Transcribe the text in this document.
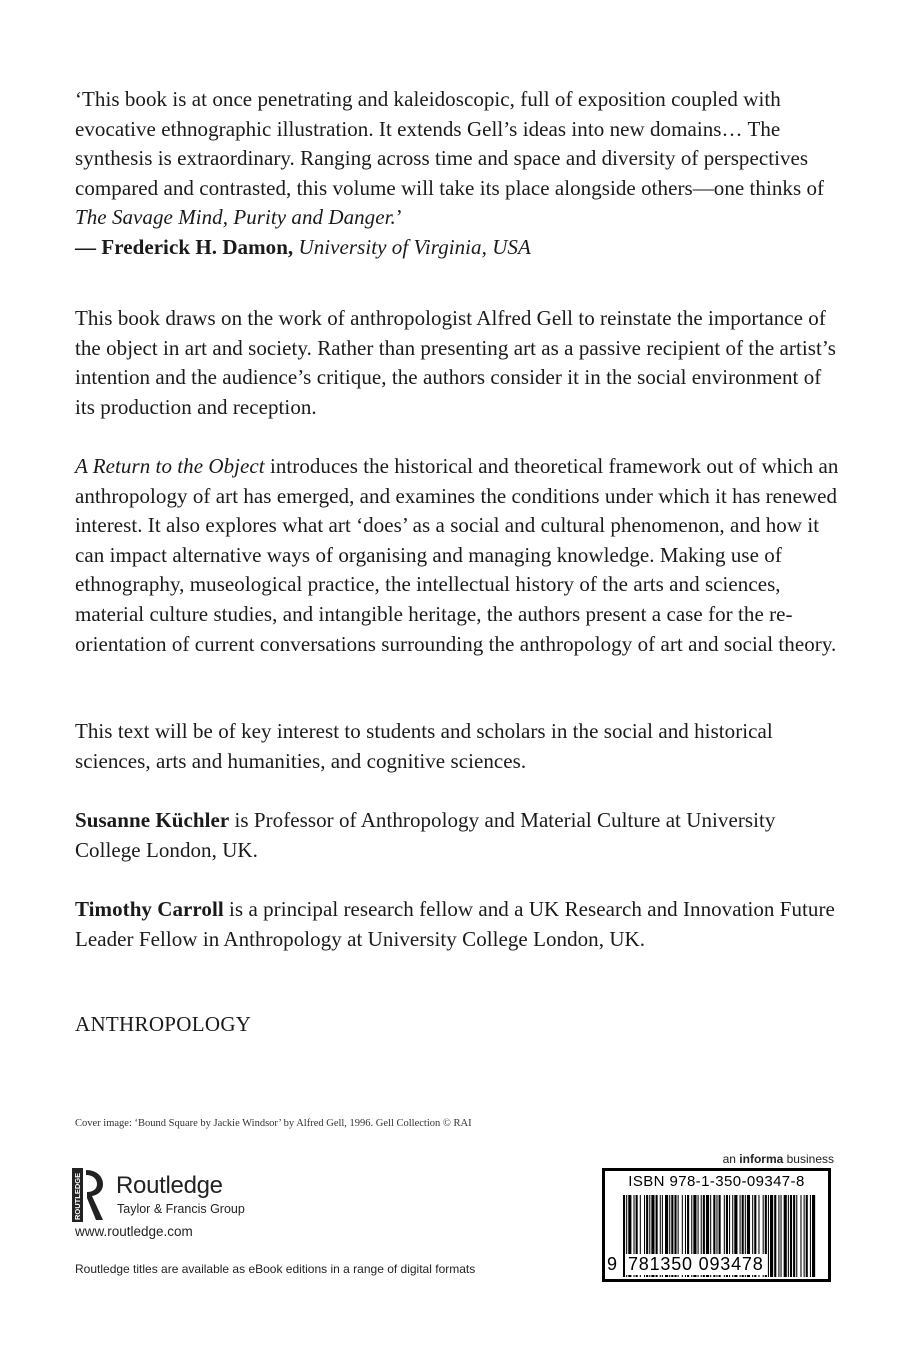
‘This book is at once penetrating and kaleidoscopic, full of exposition coupled with evocative ethnographic illustration. It extends Gell’s ideas into new domains… The synthesis is extraordinary. Ranging across time and space and diversity of perspectives compared and contrasted, this volume will take its place alongside others—one thinks of The Savage Mind, Purity and Danger.’

— Frederick H. Damon, University of Virginia, USA

This book draws on the work of anthropologist Alfred Gell to reinstate the importance of the object in art and society. Rather than presenting art as a passive recipient of the artist’s intention and the audience’s critique, the authors consider it in the social environment of its production and reception.

A Return to the Object introduces the historical and theoretical framework out of which an anthropology of art has emerged, and examines the conditions under which it has renewed interest. It also explores what art ‘does’ as a social and cultural phenomenon, and how it can impact alternative ways of organising and managing knowledge. Making use of ethnography, museological practice, the intellectual history of the arts and sciences, material culture studies, and intangible heritage, the authors present a case for the re-orientation of current conversations surrounding the anthropology of art and social theory.

This text will be of key interest to students and scholars in the social and historical sciences, arts and humanities, and cognitive sciences.

Susanne Küchler is Professor of Anthropology and Material Culture at University College London, UK.

Timothy Carroll is a principal research fellow and a UK Research and Innovation Future Leader Fellow in Anthropology at University College London, UK.

ANTHROPOLOGY
Cover image: ‘Bound Square by Jackie Windsor’ by Alfred Gell, 1996. Gell Collection © RAI
ROUTLEDGE Routledge
Taylor & Francis Group
www.routledge.com
Routledge titles are available as eBook editions in a range of digital formats
an informa business
ISBN 978-1-350-09347-8
9 781350 093478
